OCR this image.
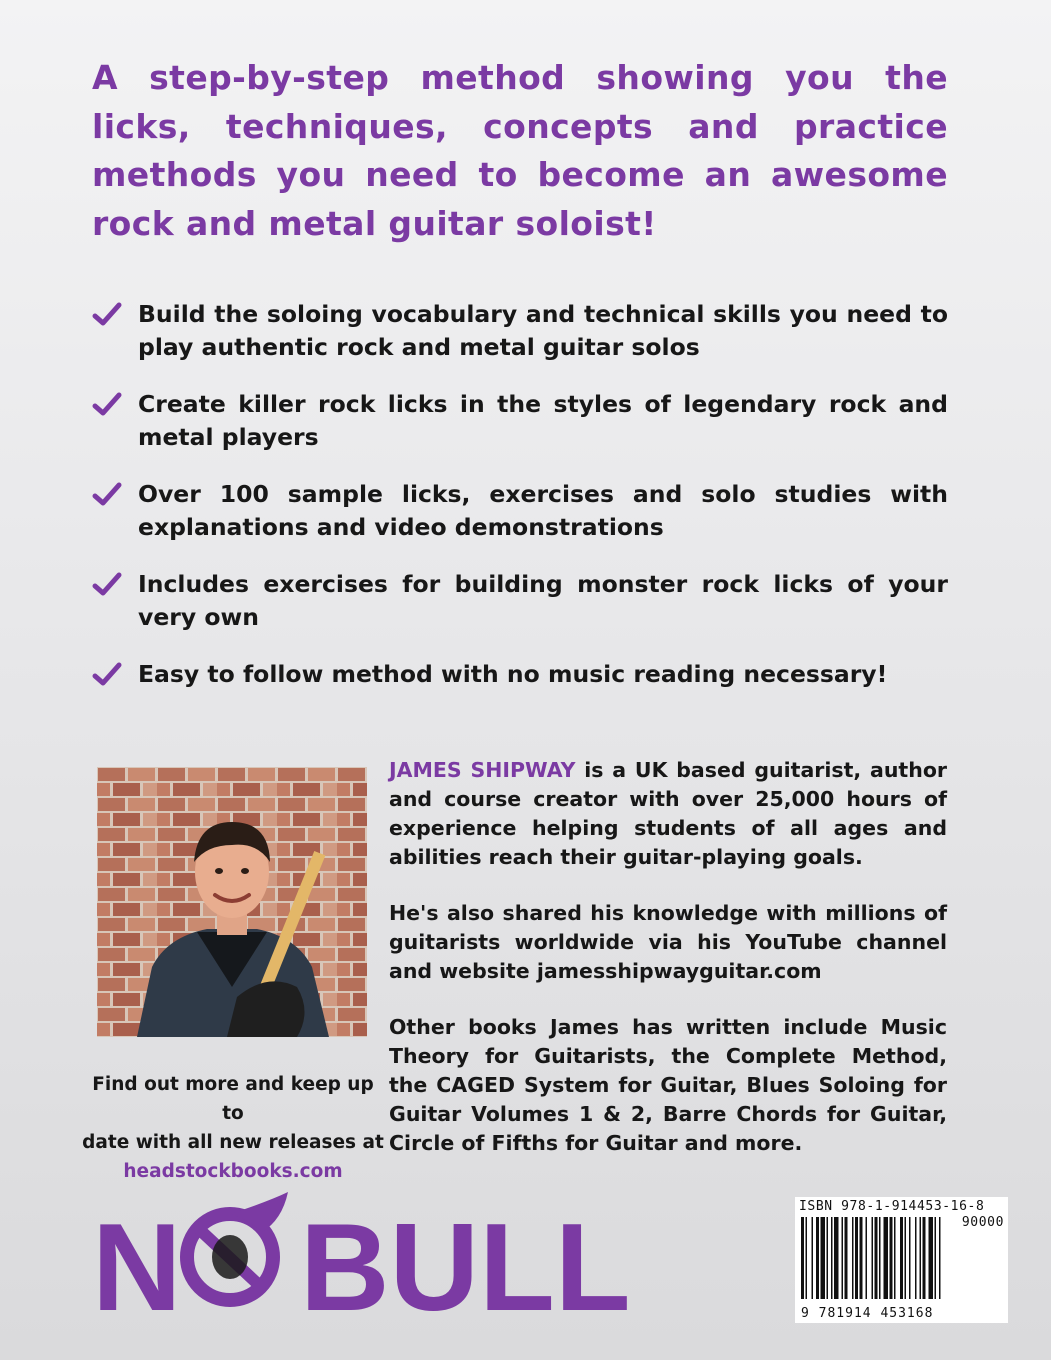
A step-by-step method showing you the licks, techniques, concepts and practice methods you need to become an awesome rock and metal guitar soloist!

Build the soloing vocabulary and technical skills you need to play authentic rock and metal guitar solos
Create killer rock licks in the styles of legendary rock and metal players
Over 100 sample licks, exercises and solo studies with explanations and video demonstrations
Includes exercises for building monster rock licks of your very own
Easy to follow method with no music reading necessary!
Find out more and keep up to
date with all new releases at
headstockbooks.com

JAMES SHIPWAY is a UK based guitarist, author and course creator with over 25,000 hours of experience helping students of all ages and abilities reach their guitar-playing goals.

He's also shared his knowledge with millions of guitarists worldwide via his YouTube channel and website jamesshipwayguitar.com

Other books James has written include Music Theory for Guitarists, the Complete Method, the CAGED System for Guitar, Blues Soloing for Guitar Volumes 1 & 2, Barre Chords for Guitar, Circle of Fifths for Guitar and more.

N BULL	ISBN 978-1-914453-16-8
90000
9 781914 453168
